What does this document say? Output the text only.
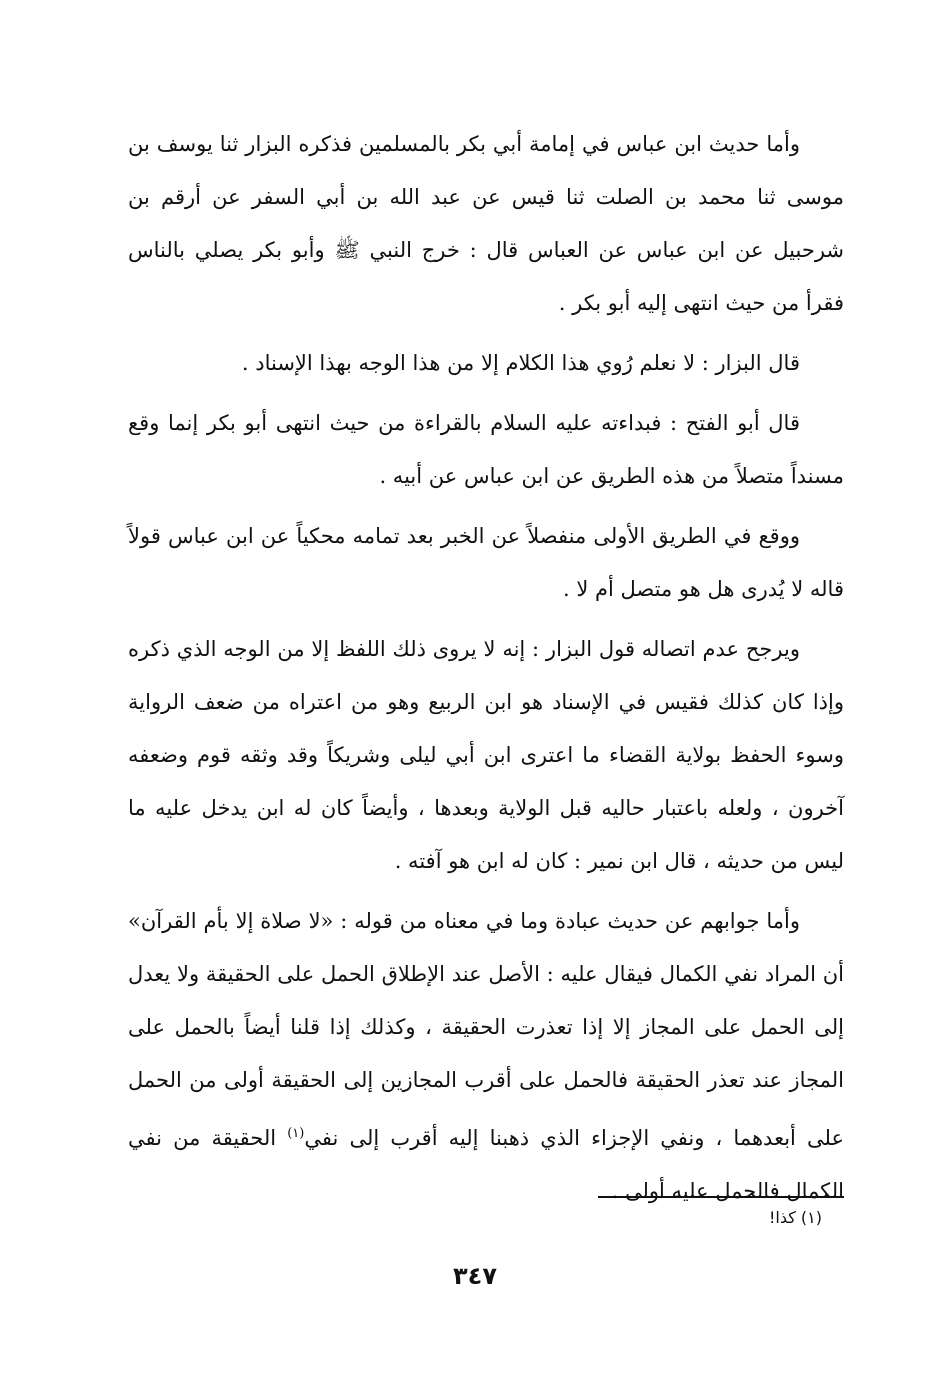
وأما حديث ابن عباس في إمامة أبي بكر بالمسلمين فذكره البزار ثنا يوسف بن موسى ثنا محمد بن الصلت ثنا قيس عن عبد الله بن أبي السفر عن أرقم بن شرحبيل عن ابن عباس عن العباس قال : خرج النبي ﷺ وأبو بكر يصلي بالناس فقرأ من حيث انتهى إليه أبو بكر .

قال البزار : لا نعلم رُوي هذا الكلام إلا من هذا الوجه بهذا الإسناد .

قال أبو الفتح : فبداءته عليه السلام بالقراءة من حيث انتهى أبو بكر إنما وقع مسنداً متصلاً من هذه الطريق عن ابن عباس عن أبيه .

ووقع في الطريق الأولى منفصلاً عن الخبر بعد تمامه محكياً عن ابن عباس قولاً قاله لا يُدرى هل هو متصل أم لا .

ويرجح عدم اتصاله قول البزار : إنه لا يروى ذلك اللفظ إلا من الوجه الذي ذكره وإذا كان كذلك فقيس في الإسناد هو ابن الربيع وهو من اعتراه من ضعف الرواية وسوء الحفظ بولاية القضاء ما اعترى ابن أبي ليلى وشريكاً وقد وثقه قوم وضعفه آخرون ، ولعله باعتبار حاليه قبل الولاية وبعدها ، وأيضاً كان له ابن يدخل عليه ما ليس من حديثه ، قال ابن نمير : كان له ابن هو آفته .

وأما جوابهم عن حديث عبادة وما في معناه من قوله : «لا صلاة إلا بأم القرآن» أن المراد نفي الكمال فيقال عليه : الأصل عند الإطلاق الحمل على الحقيقة ولا يعدل إلى الحمل على المجاز إلا إذا تعذرت الحقيقة ، وكذلك إذا قلنا أيضاً بالحمل على المجاز عند تعذر الحقيقة فالحمل على أقرب المجازين إلى الحقيقة أولى من الحمل على أبعدهما ، ونفي الإجزاء الذي ذهبنا إليه أقرب إلى نفي$^{(١)}$ الحقيقة من نفي الكمال فالحمل عليه أولى .

(١) كذا!
٣٤٧
